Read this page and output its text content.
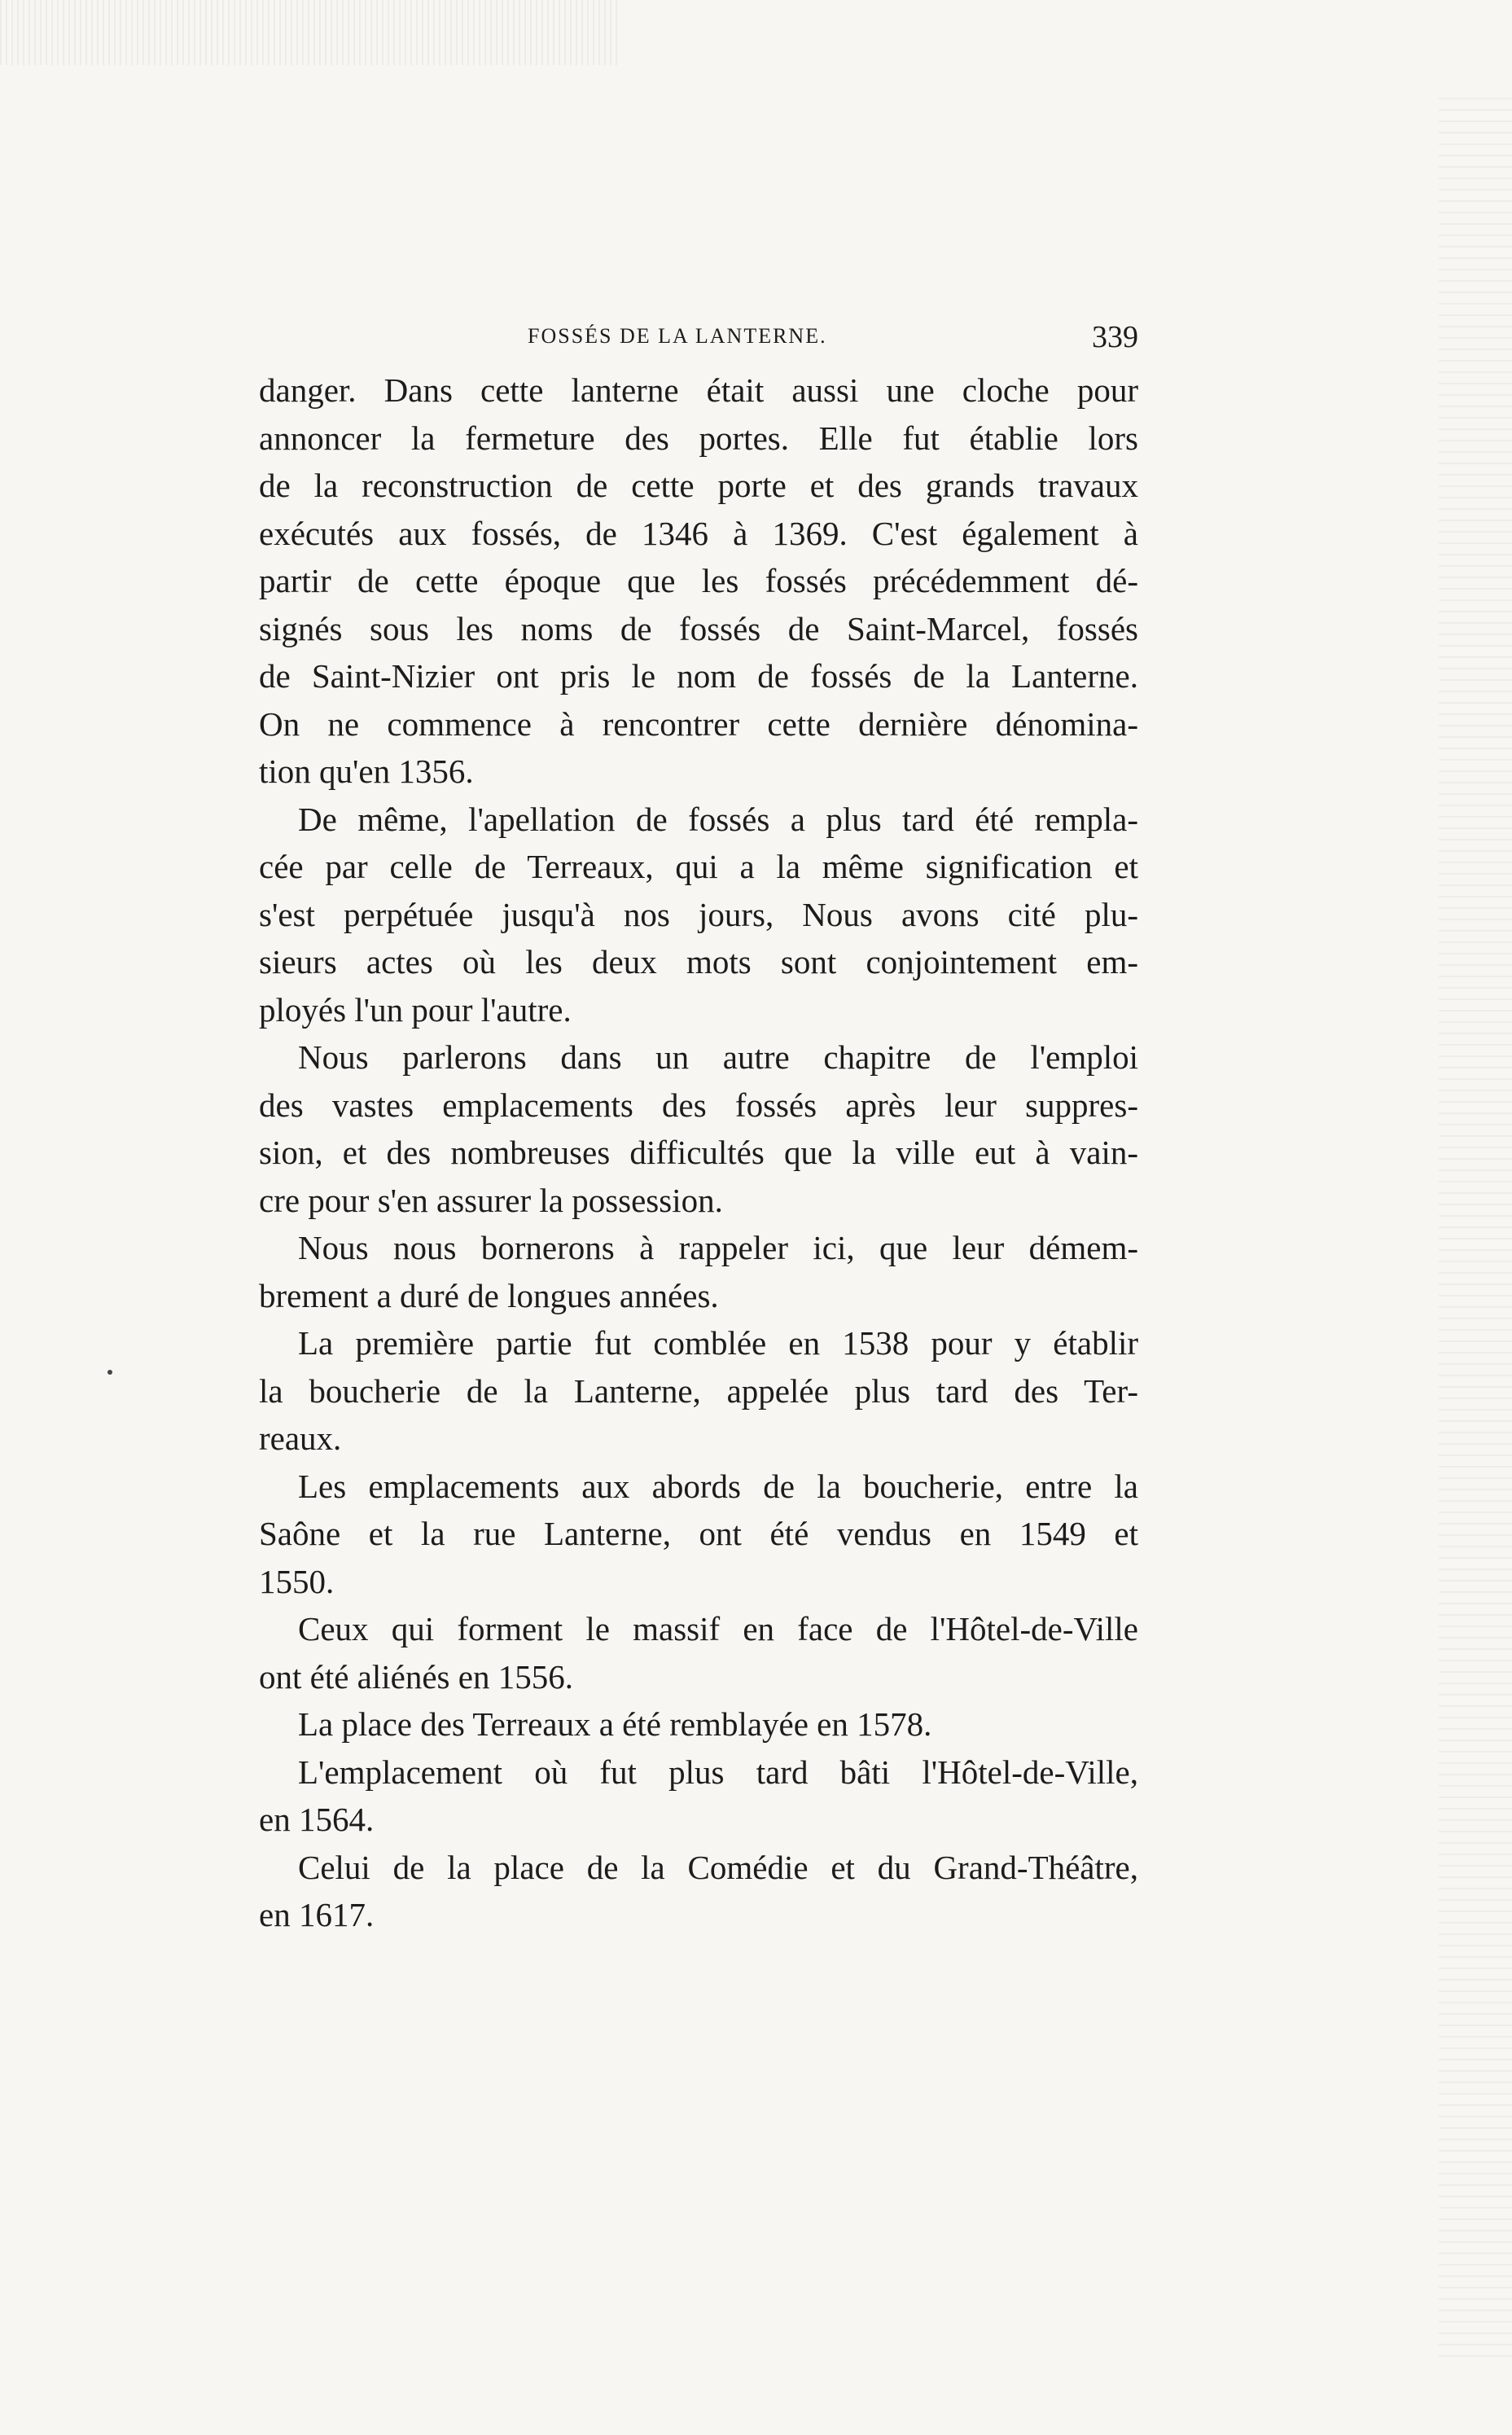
FOSSÉS DE LA LANTERNE.	339
danger. Dans cette lanterne était aussi une cloche pour
annoncer la fermeture des portes. Elle fut établie lors
de la reconstruction de cette porte et des grands travaux
exécutés aux fossés, de 1346 à 1369. C'est également à
partir de cette époque que les fossés précédemment dé-
signés sous les noms de fossés de Saint-Marcel, fossés
de Saint-Nizier ont pris le nom de fossés de la Lanterne.
On ne commence à rencontrer cette dernière dénomina-
tion qu'en 1356.
De même, l'apellation de fossés a plus tard été rempla-
cée par celle de Terreaux, qui a la même signification et
s'est perpétuée jusqu'à nos jours, Nous avons cité plu-
sieurs actes où les deux mots sont conjointement em-
ployés l'un pour l'autre.
Nous parlerons dans un autre chapitre de l'emploi
des vastes emplacements des fossés après leur suppres-
sion, et des nombreuses difficultés que la ville eut à vain-
cre pour s'en assurer la possession.
Nous nous bornerons à rappeler ici, que leur démem-
brement a duré de longues années.
La première partie fut comblée en 1538 pour y établir
la boucherie de la Lanterne, appelée plus tard des Ter-
reaux.
Les emplacements aux abords de la boucherie, entre la
Saône et la rue Lanterne, ont été vendus en 1549 et
1550.
Ceux qui forment le massif en face de l'Hôtel-de-Ville
ont été aliénés en 1556.
La place des Terreaux a été remblayée en 1578.
L'emplacement où fut plus tard bâti l'Hôtel-de-Ville,
en 1564.
Celui de la place de la Comédie et du Grand-Théâtre,
en 1617.
